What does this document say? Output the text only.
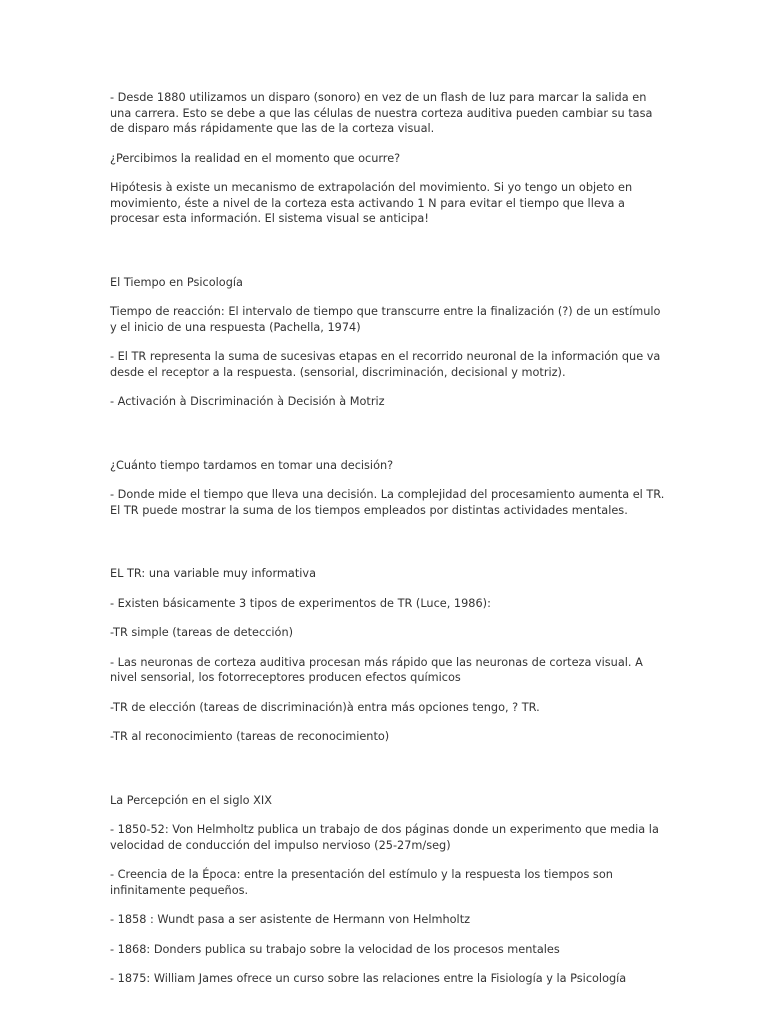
- Desde 1880 utilizamos un disparo (sonoro) en vez de un flash de luz para marcar la salida en una carrera. Esto se debe a que las células de nuestra corteza auditiva pueden cambiar su tasa de disparo más rápidamente que las de la corteza visual.

¿Percibimos la realidad en el momento que ocurre?

Hipótesis à existe un mecanismo de extrapolación del movimiento. Si yo tengo un objeto en movimiento, éste a nivel de la corteza esta activando 1 N para evitar el tiempo que lleva a procesar esta información. El sistema visual se anticipa!

El Tiempo en Psicología

Tiempo de reacción: El intervalo de tiempo que transcurre entre la finalización (?) de un estímulo y el inicio de una respuesta (Pachella, 1974)

- El TR representa la suma de sucesivas etapas en el recorrido neuronal de la información que va desde el receptor a la respuesta. (sensorial, discriminación, decisional y motriz).

- Activación à Discriminación à Decisión à Motriz

¿Cuánto tiempo tardamos en tomar una decisión?

- Donde mide el tiempo que lleva una decisión. La complejidad del procesamiento aumenta el TR. El TR puede mostrar la suma de los tiempos empleados por distintas actividades mentales.

EL TR: una variable muy informativa

- Existen básicamente 3 tipos de experimentos de TR (Luce, 1986):

-TR simple (tareas de detección)

- Las neuronas de corteza auditiva procesan más rápido que las neuronas de corteza visual. A nivel sensorial, los fotorreceptores producen efectos químicos

-TR de elección (tareas de discriminación)à entra más opciones tengo, ? TR.

-TR al reconocimiento (tareas de reconocimiento)

La Percepción en el siglo XIX

- 1850-52: Von Helmholtz publica un trabajo de dos páginas donde un experimento que media la velocidad de conducción del impulso nervioso (25-27m/seg)

- Creencia de la Época: entre la presentación del estímulo y la respuesta los tiempos son infinitamente pequeños.

- 1858 : Wundt pasa a ser asistente de Hermann von Helmholtz

- 1868: Donders publica su trabajo sobre la velocidad de los procesos mentales

- 1875: William James ofrece un curso sobre las relaciones entre la Fisiología y la Psicología
